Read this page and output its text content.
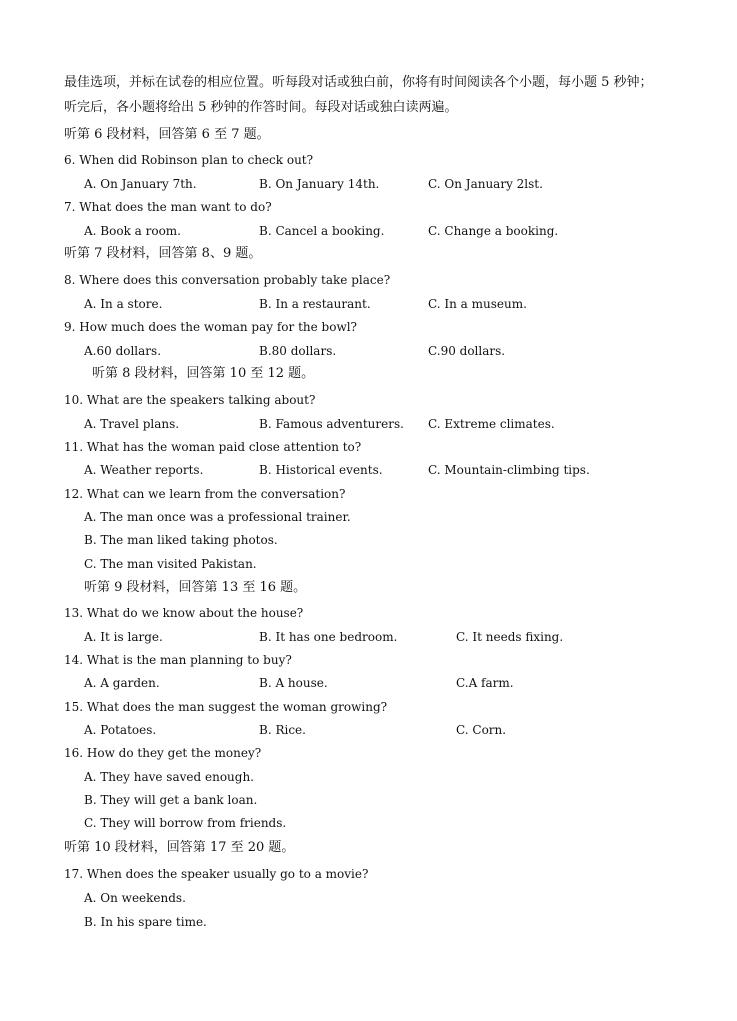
最佳选项，并标在试卷的相应位置。听每段对话或独白前，你将有时间阅读各个小题，每小题 5 秒钟；
听完后，各小题将给出 5 秒钟的作答时间。每段对话或独白读两遍。
听第 6 段材料，回答第 6 至 7 题。
6. When did Robinson plan to check out?
A. On January 7th.	B. On January 14th.	C. On January 2lst.
7. What does the man want to do?
A. Book a room.	B. Cancel a booking.	C. Change a booking.
听第 7 段材料，回答第 8、9 题。
8. Where does this conversation probably take place?
A. In a store.	B. In a restaurant.	C. In a museum.
9. How much does the woman pay for the bowl?
A.60 dollars.	B.80 dollars.	C.90 dollars.
听第 8 段材料，回答第 10 至 12 题。
10. What are the speakers talking about?
A. Travel plans.	B. Famous adventurers. C. Extreme climates.
11. What has the woman paid close attention to?
A. Weather reports.	B. Historical events.	C. Mountain-climbing tips.
12. What can we learn from the conversation?
A. The man once was a professional trainer.
B. The man liked taking photos.
C. The man visited Pakistan.
听第 9 段材料，回答第 13 至 16 题。
13. What do we know about the house?
A. It is large.	B. It has one bedroom.	C. It needs fixing.
14. What is the man planning to buy?
A. A garden.	B. A house.	C.A farm.
15. What does the man suggest the woman growing?
A. Potatoes.	B. Rice.	C. Corn.
16. How do they get the money?
A. They have saved enough.
B. They will get a bank loan.
C. They will borrow from friends.
听第 10 段材料，回答第 17 至 20 题。
17. When does the speaker usually go to a movie?
A. On weekends.
B. In his spare time.
